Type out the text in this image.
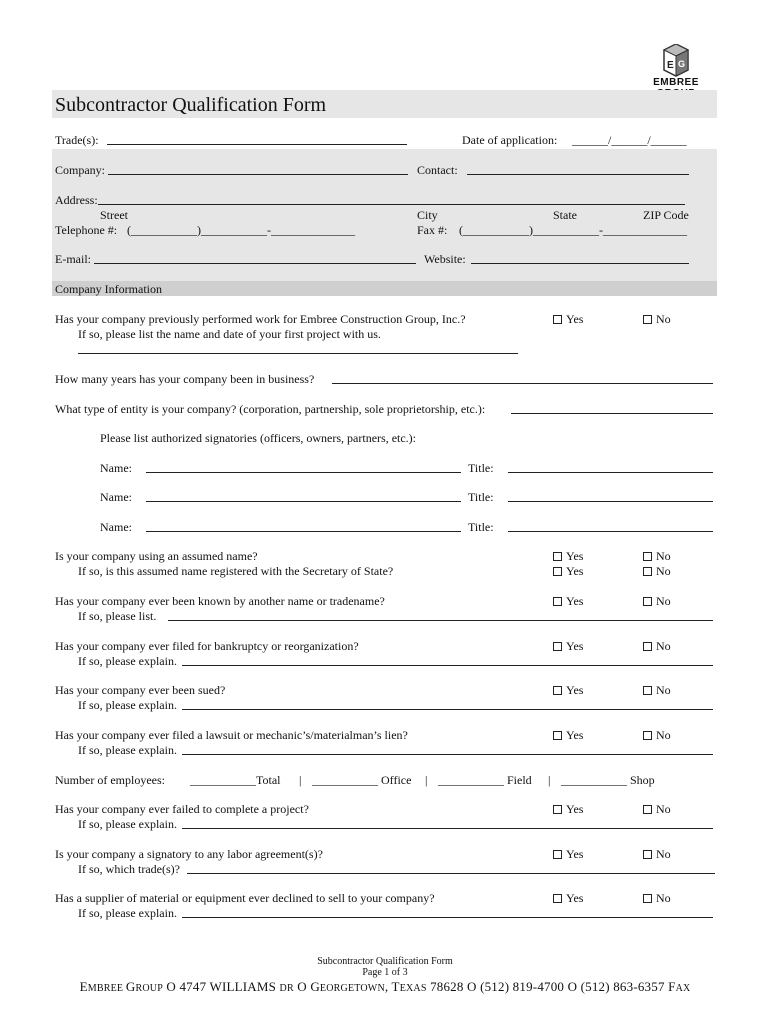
E G
EMBREE
Subcontractor Qualification Form
Trade(s):	Date of application: ______/______/______
Company:	Contact:
Address:
Street	City	State	ZIP Code
Telephone #: (___________)___________-______________	Fax #: (___________)___________-______________
E-mail:	Website:
Company Information
Has your company previously performed work for Embree Construction Group, Inc.?
If so, please list the name and date of your first project with us.
Yes	No
How many years has your company been in business?
What type of entity is your company? (corporation, partnership, sole proprietorship, etc.):
Please list authorized signatories (officers, owners, partners, etc.):
Name:	Title:
Name:	Title:
Name:	Title:
Is your company using an assumed name?
If so, is this assumed name registered with the Secretary of State?
Yes	No
Yes	No
Has your company ever been known by another name or tradename?
If so, please list.
Yes	No
Has your company ever filed for bankruptcy or reorganization?
If so, please explain.
Yes	No
Has your company ever been sued?
If so, please explain.
Yes	No
Has your company ever filed a lawsuit or mechanic’s/materialman’s lien?
If so, please explain.
Yes	No
Number of employees: ___________Total | ___________ Office | ___________ Field | ___________ Shop
Has your company ever failed to complete a project?
If so, please explain.
Yes	No
Is your company a signatory to any labor agreement(s)?
If so, which trade(s)?
Yes	No
Has a supplier of material or equipment ever declined to sell to your company?
If so, please explain.
Yes	No
Subcontractor Qualification Form
Page 1 of 3
EMBREE GROUP O 4747 WILLIAMS DR O GEORGETOWN, TEXAS 78628 O (512) 819-4700 O (512) 863-6357 FAX
